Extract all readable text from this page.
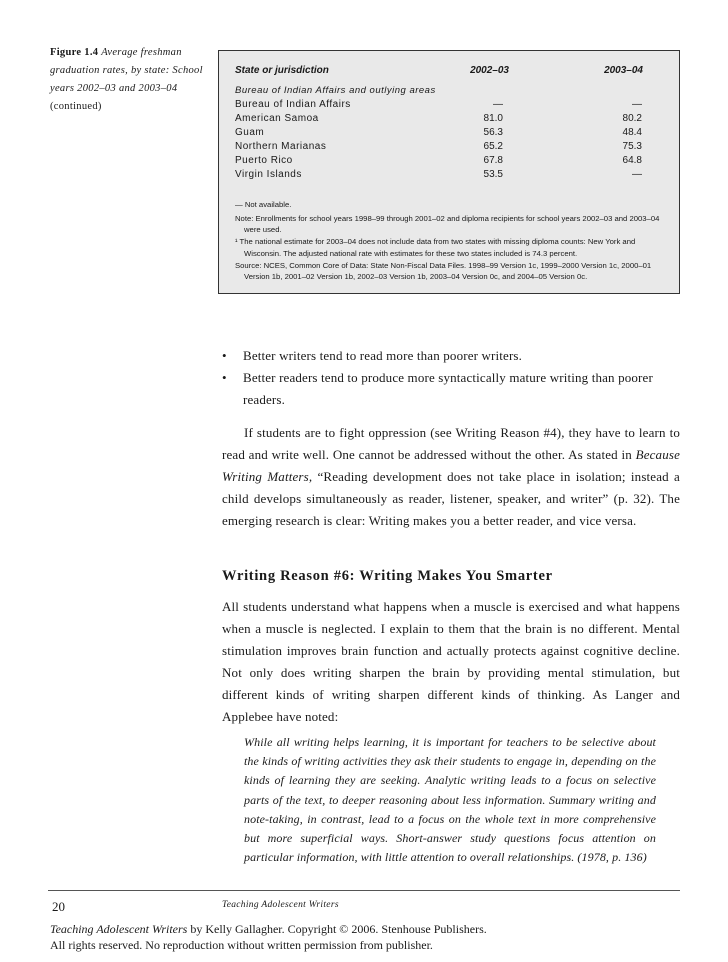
Figure 1.4 Average freshman graduation rates, by state: School years 2002–03 and 2003–04 (continued)
State or jurisdiction	2002–03	2003–04
Bureau of Indian Affairs and outlying areas
Bureau of Indian Affairs	—	—
American Samoa	81.0	80.2
Guam	56.3	48.4
Northern Marianas	65.2	75.3
Puerto Rico	67.8	64.8
Virgin Islands	53.5	—
— Not available.
Note: Enrollments for school years 1998–99 through 2001–02 and diploma recipients for school years 2002–03 and 2003–04 were used.
¹ The national estimate for 2003–04 does not include data from two states with missing diploma counts: New York and Wisconsin. The adjusted national rate with estimates for these two states included is 74.3 percent.
Source: NCES, Common Core of Data: State Non-Fiscal Data Files. 1998–99 Version 1c, 1999–2000 Version 1c, 2000–01 Version 1b, 2001–02 Version 1b, 2002–03 Version 1b, 2003–04 Version 0c, and 2004–05 Version 0c.
• Better writers tend to read more than poorer writers.
• Better readers tend to produce more syntactically mature writing than poorer readers.
If students are to fight oppression (see Writing Reason #4), they have to learn to read and write well. One cannot be addressed without the other. As stated in Because Writing Matters, “Reading development does not take place in isolation; instead a child develops simultaneously as reader, listener, speaker, and writer” (p. 32). The emerging research is clear: Writing makes you a better reader, and vice versa.
Writing Reason #6: Writing Makes You Smarter
All students understand what happens when a muscle is exercised and what happens when a muscle is neglected. I explain to them that the brain is no different. Mental stimulation improves brain function and actually protects against cognitive decline. Not only does writing sharpen the brain by providing mental stimulation, but different kinds of writing sharpen different kinds of thinking. As Langer and Applebee have noted:
While all writing helps learning, it is important for teachers to be selective about the kinds of writing activities they ask their students to engage in, depending on the kinds of learning they are seeking. Analytic writing leads to a focus on selective parts of the text, to deeper reasoning about less information. Summary writing and note-taking, in contrast, lead to a focus on the whole text in more comprehensive but more superficial ways. Short-answer study questions focus attention on particular information, with little attention to overall relationships. (1978, p. 136)
20	Teaching Adolescent Writers
Teaching Adolescent Writers by Kelly Gallagher. Copyright © 2006. Stenhouse Publishers.
All rights reserved. No reproduction without written permission from publisher.
